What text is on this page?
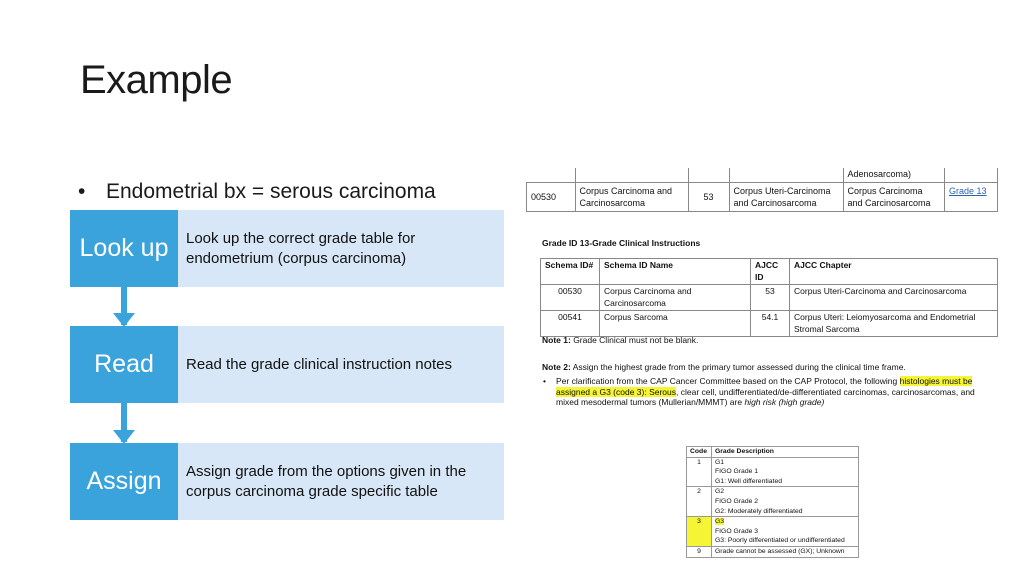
Example
• Endometrial bx = serous carcinoma
Look up	Look up the correct grade table for endometrium (corpus carcinoma)
Read	Read the grade clinical instruction notes
Assign	Assign grade from the options given in the corpus carcinoma grade specific table
				Adenosarcoma)	
00530	Corpus Carcinoma and Carcinosarcoma	53	Corpus Uteri-Carcinoma and Carcinosarcoma	Corpus Carcinoma and Carcinosarcoma	Grade 13
Grade ID 13-Grade Clinical Instructions
Schema ID#	Schema ID Name	AJCC ID	AJCC Chapter
00530	Corpus Carcinoma and Carcinosarcoma	53	Corpus Uteri-Carcinoma and Carcinosarcoma
00541	Corpus Sarcoma	54.1	Corpus Uteri: Leiomyosarcoma and Endometrial Stromal Sarcoma
Note 1: Grade Clinical must not be blank.
Note 2: Assign the highest grade from the primary tumor assessed during the clinical time frame.
• Per clarification from the CAP Cancer Committee based on the CAP Protocol, the following histologies must be assigned a G3 (code 3): Serous, clear cell, undifferentiated/de-differentiated carcinomas, carcinosarcomas, and mixed mesodermal tumors (Mullerian/MMMT) are high risk (high grade)
Code	Grade Description
1	G1
FIGO Grade 1
G1: Well differentiated

2	G2
FIGO Grade 2
G2: Moderately differentiated

3	G3
FIGO Grade 3
G3: Poorly differentiated or undifferentiated

9	Grade cannot be assessed (GX); Unknown
